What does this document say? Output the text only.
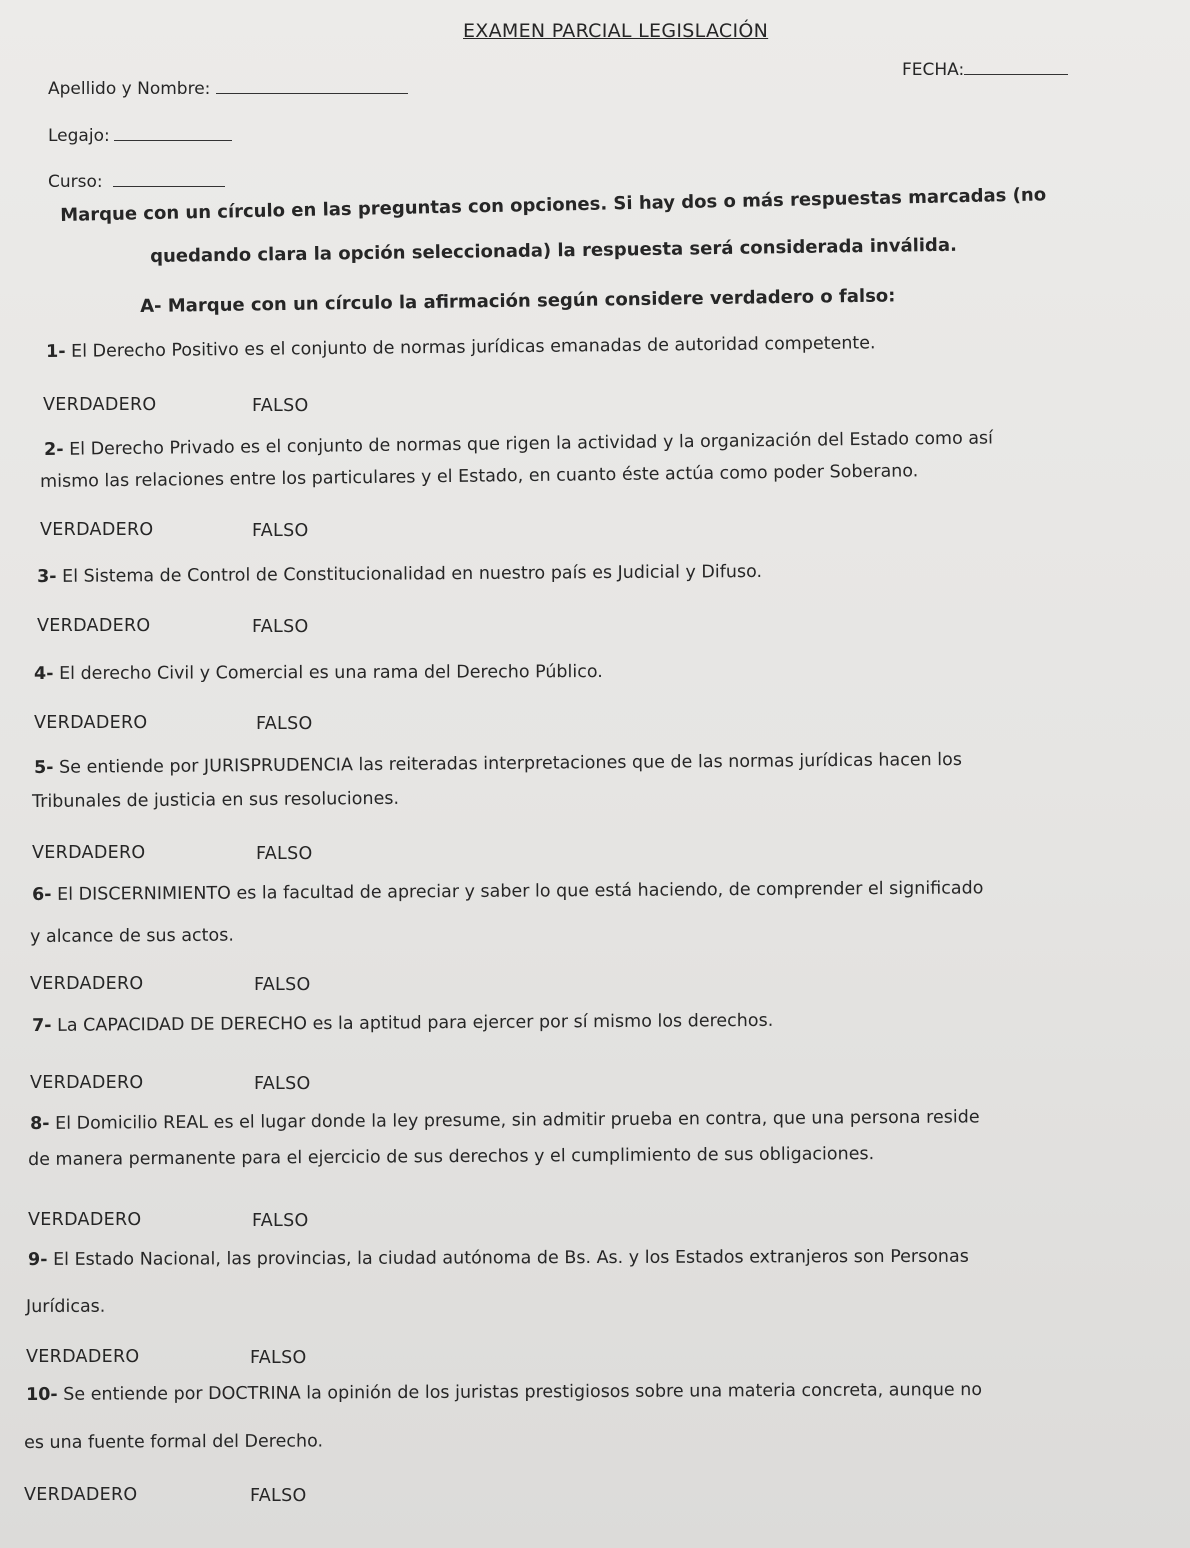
EXAMEN PARCIAL LEGISLACIÓN
FECHA:
Apellido y Nombre:
Legajo:
Curso:
Marque con un círculo en las preguntas con opciones. Si hay dos o más respuestas marcadas (no
quedando clara la opción seleccionada) la respuesta será considerada inválida.
A- Marque con un círculo la afirmación según considere verdadero o falso:
1- El Derecho Positivo es el conjunto de normas jurídicas emanadas de autoridad competente.
VERDADERO	FALSO
2- El Derecho Privado es el conjunto de normas que rigen la actividad y la organización del Estado como así
mismo las relaciones entre los particulares y el Estado, en cuanto éste actúa como poder Soberano.
VERDADERO	FALSO
3- El Sistema de Control de Constitucionalidad en nuestro país es Judicial y Difuso.
VERDADERO	FALSO
4- El derecho Civil y Comercial es una rama del Derecho Público.
VERDADERO	FALSO
5- Se entiende por JURISPRUDENCIA las reiteradas interpretaciones que de las normas jurídicas hacen los
Tribunales de justicia en sus resoluciones.
VERDADERO	FALSO
6- El DISCERNIMIENTO es la facultad de apreciar y saber lo que está haciendo, de comprender el significado
y alcance de sus actos.
VERDADERO	FALSO
7- La CAPACIDAD DE DERECHO es la aptitud para ejercer por sí mismo los derechos.
VERDADERO	FALSO
8- El Domicilio REAL es el lugar donde la ley presume, sin admitir prueba en contra, que una persona reside
de manera permanente para el ejercicio de sus derechos y el cumplimiento de sus obligaciones.
VERDADERO	FALSO
9- El Estado Nacional, las provincias, la ciudad autónoma de Bs. As. y los Estados extranjeros son Personas
Jurídicas.
VERDADERO	FALSO
10- Se entiende por DOCTRINA la opinión de los juristas prestigiosos sobre una materia concreta, aunque no
es una fuente formal del Derecho.
VERDADERO	FALSO
